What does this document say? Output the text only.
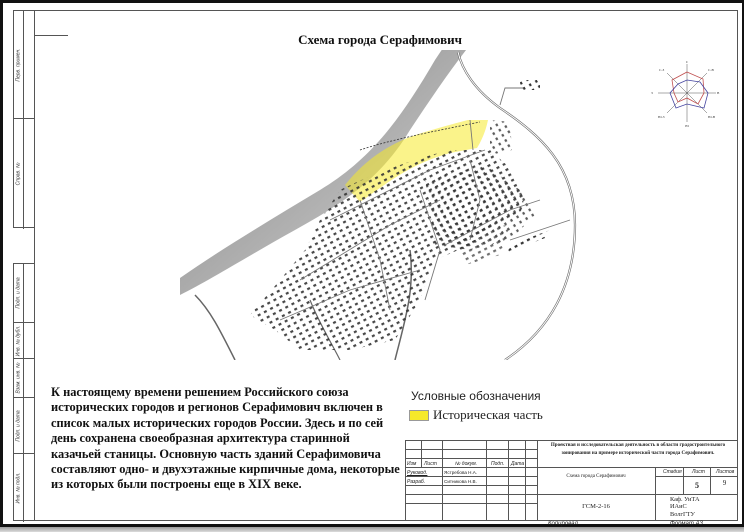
Перв. примен.
Справ. №
Подп. и дата
Инв. № дубл.
Взам. инв. №
Подп. и дата
Инв. № подл.
Схема города Серафимович
С
С-В
В
Ю-В
Ю
Ю-З
З
С-З
К настоящему времени решением Российского союза исторических городов и регионов Серафимович включен в список малых исторических городов России. Здесь и по сей день сохранена своеобразная архитектура старинной казачьей станицы. Основную часть зданий Серафимовича составляют одно- и двухэтажные кирпичные дома, некоторые из которых были построены еще в XIX веке.
Условные обозначения
Историческая часть
Изм Лист	№ докум.	Подп. Дата
Руковод.	Ястребова Н.А.
Разраб.	Ситникова Н.В.
Проектная и исследовательская деятельность в области градостроительного зонирования на примере исторической части города Серафимович.
Схема города Серафимович
ГСМ-2-16
Стадия Лист Листов
5	9
Каф. УиТА
ИАиС
ВолгГТУ
Копировал	Формат А3
